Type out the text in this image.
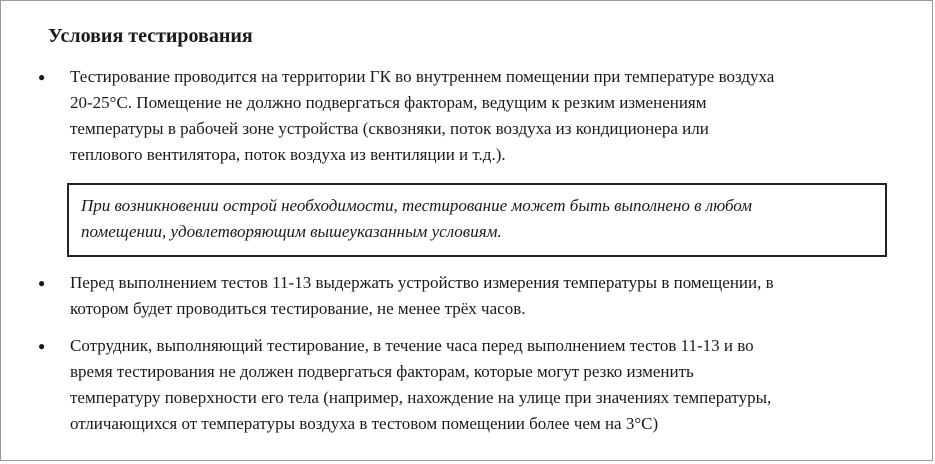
Условия тестирования
● Тестирование проводится на территории ГК во внутреннем помещении при температуре воздуха
20-25°С. Помещение не должно подвергаться факторам, ведущим к резким изменениям
температуры в рабочей зоне устройства (сквозняки, поток воздуха из кондиционера или
теплового вентилятора, поток воздуха из вентиляции и т.д.).
При возникновении острой необходимости, тестирование может быть выполнено в любом
помещении, удовлетворяющим вышеуказанным условиям.
● Перед выполнением тестов 11-13 выдержать устройство измерения температуры в помещении, в
котором будет проводиться тестирование, не менее трёх часов.
● Сотрудник, выполняющий тестирование, в течение часа перед выполнением тестов 11-13 и во
время тестирования не должен подвергаться факторам, которые могут резко изменить
температуру поверхности его тела (например, нахождение на улице при значениях температуры,
отличающихся от температуры воздуха в тестовом помещении более чем на 3°С)
